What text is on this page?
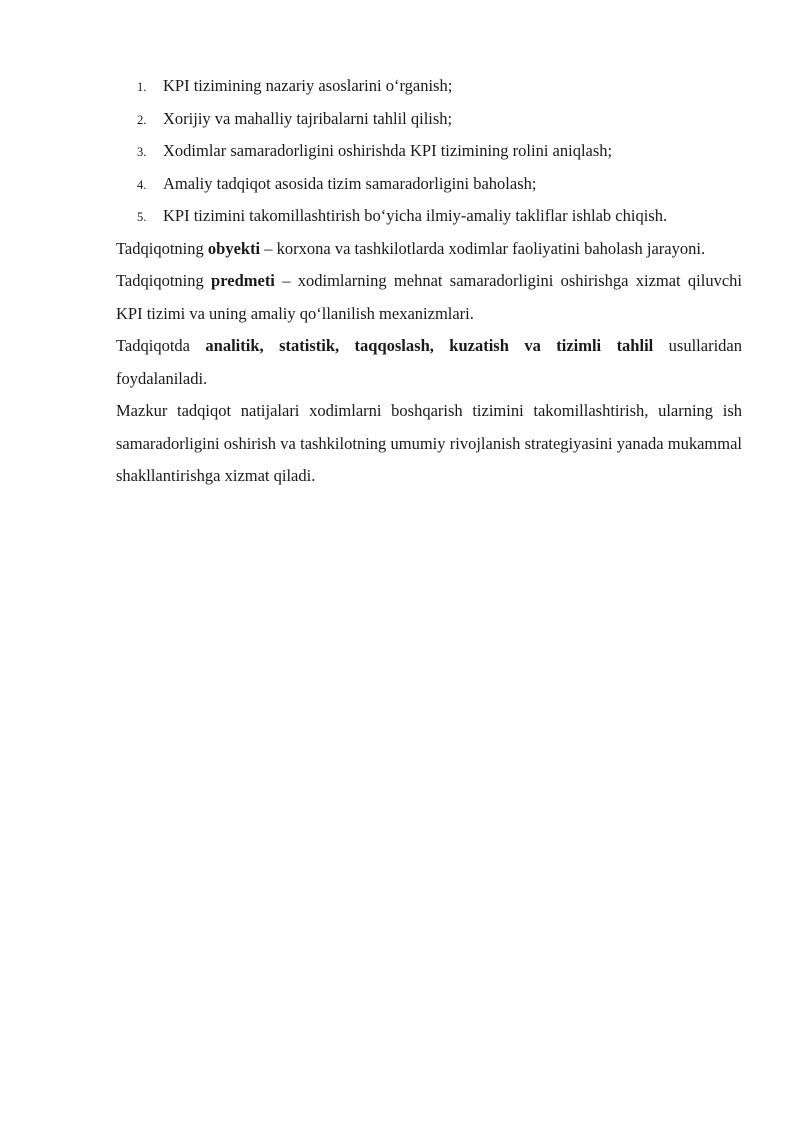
1.	KPI tizimining nazariy asoslarini o‘rganish;
2.	Xorijiy va mahalliy tajribalarni tahlil qilish;
3.	Xodimlar samaradorligini oshirishda KPI tizimining rolini aniqlash;
4.	Amaliy tadqiqot asosida tizim samaradorligini baholash;
5.	KPI tizimini takomillashtirish bo‘yicha ilmiy-amaliy takliflar ishlab chiqish.

Tadqiqotning obyekti – korxona va tashkilotlarda xodimlar faoliyatini baholash jarayoni.

Tadqiqotning predmeti – xodimlarning mehnat samaradorligini oshirishga xizmat qiluvchi KPI tizimi va uning amaliy qo‘llanilish mexanizmlari.

Tadqiqotda analitik, statistik, taqqoslash, kuzatish va tizimli tahlil usullaridan foydalaniladi.

Mazkur tadqiqot natijalari xodimlarni boshqarish tizimini takomillashtirish, ularning ish samaradorligini oshirish va tashkilotning umumiy rivojlanish strategiyasini yanada mukammal shakllantirishga xizmat qiladi.
